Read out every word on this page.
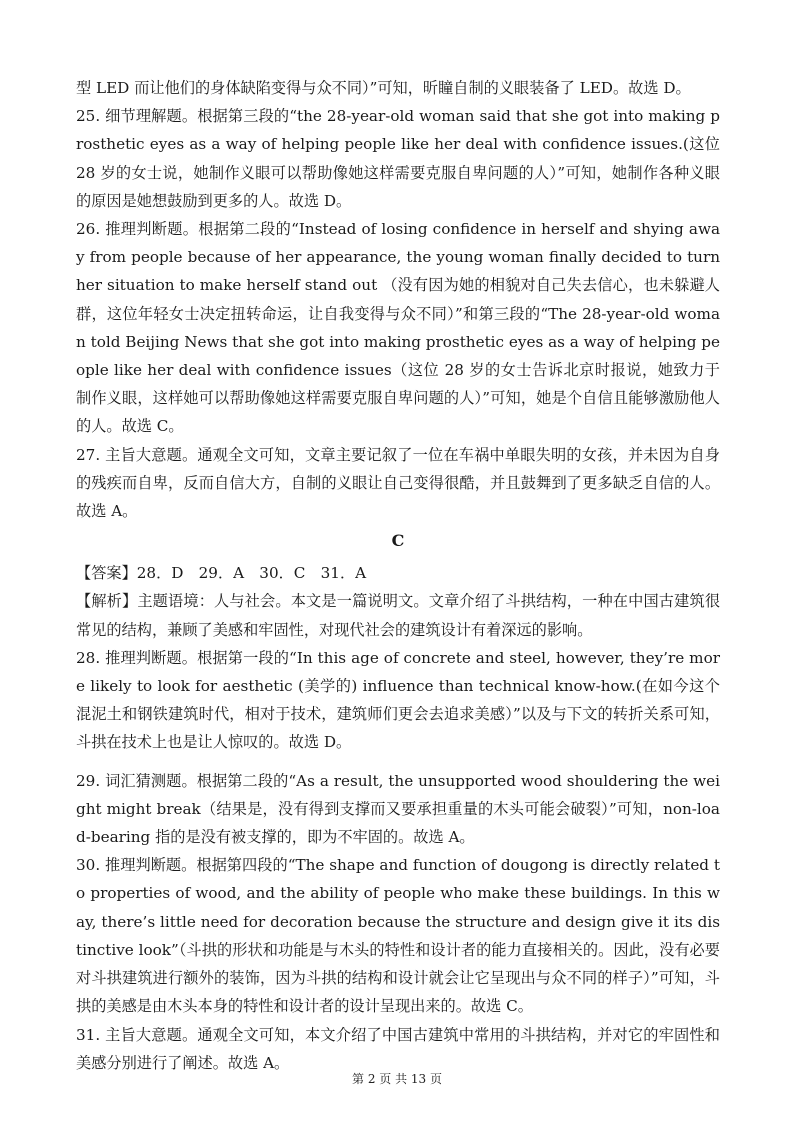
型 LED 而让他们的身体缺陷变得与众不同）”可知，昕瞳自制的义眼装备了 LED。故选 D。

25. 细节理解题。根据第三段的“the 28-year-old woman said that she got into making prosthetic eyes as a way of helping people like her deal with confidence issues.(这位 28 岁的女士说，她制作义眼可以帮助像她这样需要克服自卑问题的人）”可知，她制作各种义眼的原因是她想鼓励到更多的人。故选 D。

26. 推理判断题。根据第二段的“Instead of losing confidence in herself and shying away from people because of her appearance, the young woman finally decided to turn her situation to make herself stand out （没有因为她的相貌对自己失去信心，也未躲避人群，这位年轻女士决定扭转命运，让自我变得与众不同）”和第三段的“The 28-year-old woman told Beijing News that she got into making prosthetic eyes as a way of helping people like her deal with confidence issues（这位 28 岁的女士告诉北京时报说，她致力于制作义眼，这样她可以帮助像她这样需要克服自卑问题的人）”可知，她是个自信且能够激励他人的人。故选 C。

27. 主旨大意题。通观全文可知，文章主要记叙了一位在车祸中单眼失明的女孩，并未因为自身的残疾而自卑，反而自信大方，自制的义眼让自己变得很酷，并且鼓舞到了更多缺乏自信的人。故选 A。

C

【答案】28．D　29．A　30．C　31．A

【解析】主题语境：人与社会。本文是一篇说明文。文章介绍了斗拱结构，一种在中国古建筑很常见的结构，兼顾了美感和牢固性，对现代社会的建筑设计有着深远的影响。

28. 推理判断题。根据第一段的“In this age of concrete and steel, however, they’re more likely to look for aesthetic (美学的) influence than technical know-how.(在如今这个混泥土和钢铁建筑时代，相对于技术，建筑师们更会去追求美感）”以及与下文的转折关系可知，斗拱在技术上也是让人惊叹的。故选 D。

29. 词汇猜测题。根据第二段的“As a result, the unsupported wood shouldering the weight might break（结果是，没有得到支撑而又要承担重量的木头可能会破裂）”可知，non-load-bearing 指的是没有被支撑的，即为不牢固的。故选 A。

30. 推理判断题。根据第四段的“The shape and function of dougong is directly related to properties of wood, and the ability of people who make these buildings. In this way, there’s little need for decoration because the structure and design give it its distinctive look”（斗拱的形状和功能是与木头的特性和设计者的能力直接相关的。因此，没有必要对斗拱建筑进行额外的装饰，因为斗拱的结构和设计就会让它呈现出与众不同的样子）”可知，斗拱的美感是由木头本身的特性和设计者的设计呈现出来的。故选 C。

31. 主旨大意题。通观全文可知，本文介绍了中国古建筑中常用的斗拱结构，并对它的牢固性和美感分别进行了阐述。故选 A。

第 2 页 共 13 页
